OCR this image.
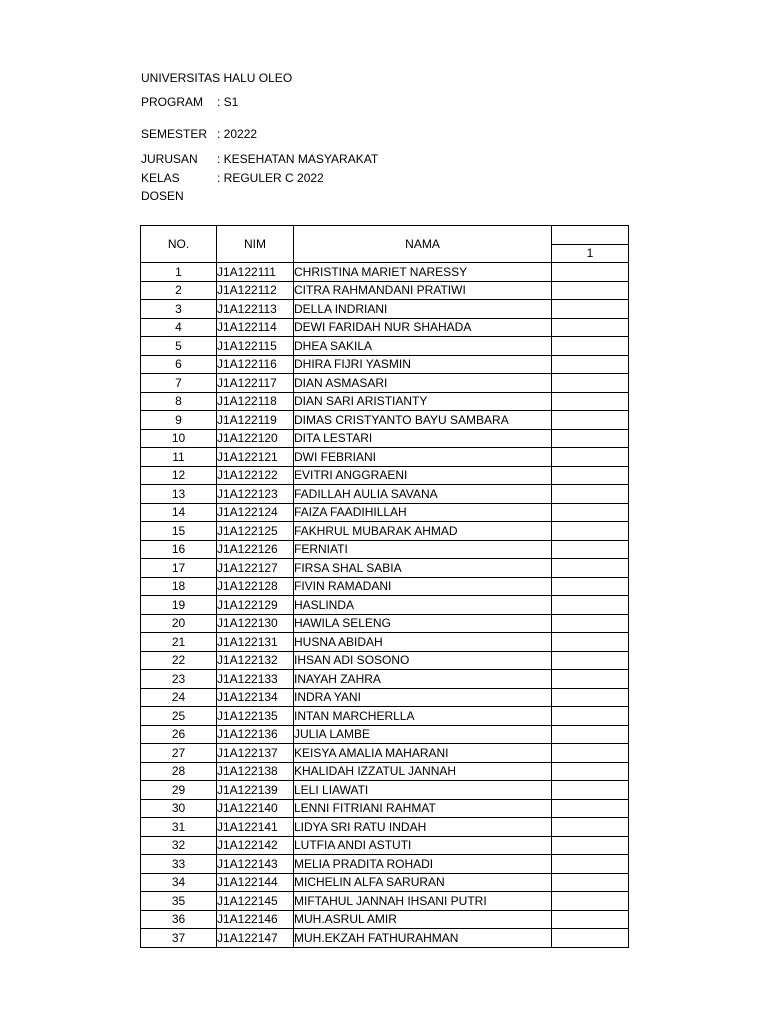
UNIVERSITAS HALU OLEO
PROGRAM : S1
SEMESTER : 20222
JURUSAN : KESEHATAN MASYARAKAT
KELAS	: REGULER C 2022
DOSEN
NO.	NIM	NAMA	
			1
1	J1A122111	CHRISTINA MARIET NARESSY	
2	J1A122112	CITRA RAHMANDANI PRATIWI	
3	J1A122113	DELLA INDRIANI	
4	J1A122114	DEWI FARIDAH NUR SHAHADA	
5	J1A122115	DHEA SAKILA	
6	J1A122116	DHIRA FIJRI YASMIN	
7	J1A122117	DIAN ASMASARI	
8	J1A122118	DIAN SARI ARISTIANTY	
9	J1A122119	DIMAS CRISTYANTO BAYU SAMBARA	
10	J1A122120	DITA LESTARI	
11	J1A122121	DWI FEBRIANI	
12	J1A122122	EVITRI ANGGRAENI	
13	J1A122123	FADILLAH AULIA SAVANA	
14	J1A122124	FAIZA FAADIHILLAH	
15	J1A122125	FAKHRUL MUBARAK AHMAD	
16	J1A122126	FERNIATI	
17	J1A122127	FIRSA SHAL SABIA	
18	J1A122128	FIVIN RAMADANI	
19	J1A122129	HASLINDA	
20	J1A122130	HAWILA SELENG	
21	J1A122131	HUSNA ABIDAH	
22	J1A122132	IHSAN ADI SOSONO	
23	J1A122133	INAYAH ZAHRA	
24	J1A122134	INDRA YANI	
25	J1A122135	INTAN MARCHERLLA	
26	J1A122136	JULIA LAMBE	
27	J1A122137	KEISYA AMALIA MAHARANI	
28	J1A122138	KHALIDAH IZZATUL JANNAH	
29	J1A122139	LELI LIAWATI	
30	J1A122140	LENNI FITRIANI RAHMAT	
31	J1A122141	LIDYA SRI RATU INDAH	
32	J1A122142	LUTFIA ANDI ASTUTI	
33	J1A122143	MELIA PRADITA ROHADI	
34	J1A122144	MICHELIN ALFA SARURAN	
35	J1A122145	MIFTAHUL JANNAH IHSANI PUTRI	
36	J1A122146	MUH.ASRUL AMIR	
37	J1A122147	MUH.EKZAH FATHURAHMAN	
